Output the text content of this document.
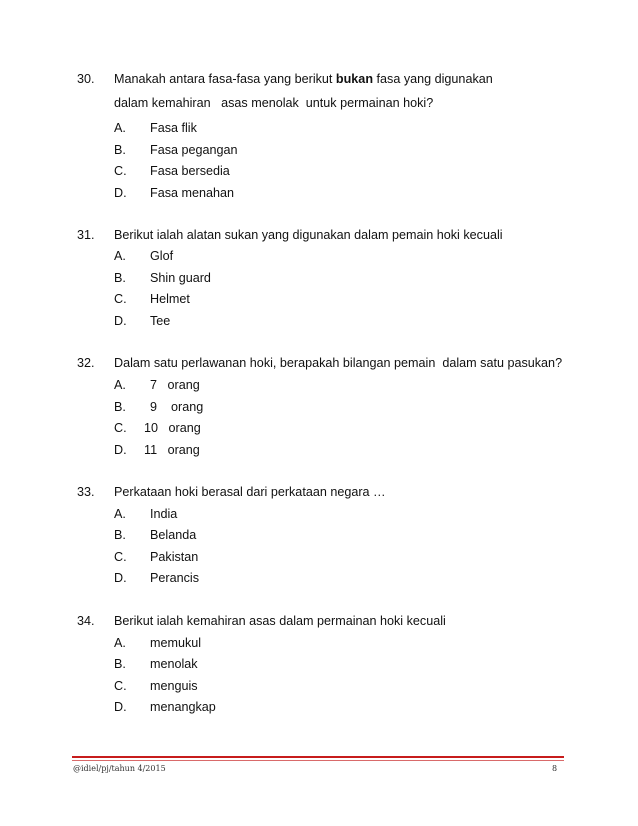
30. Manakah antara fasa-fasa yang berikut bukan fasa yang digunakan
dalam kemahiran   asas menolak  untuk permainan hoki?
A. Fasa flik
B. Fasa pegangan
C. Fasa bersedia
D. Fasa menahan
31. Berikut ialah alatan sukan yang digunakan dalam pemain hoki kecuali
A. Glof
B. Shin guard
C. Helmet
D. Tee
32. Dalam satu perlawanan hoki, berapakah bilangan pemain  dalam satu pasukan?
A. 7   orang
B. 9    orang
C. 10   orang
D. 11   orang
33. Perkataan hoki berasal dari perkataan negara …
A. India
B. Belanda
C. Pakistan
D. Perancis
34. Berikut ialah kemahiran asas dalam permainan hoki kecuali
A. memukul
B. menolak
C. menguis
D. menangkap
@idiel/pj/tahun 4/2015	8
